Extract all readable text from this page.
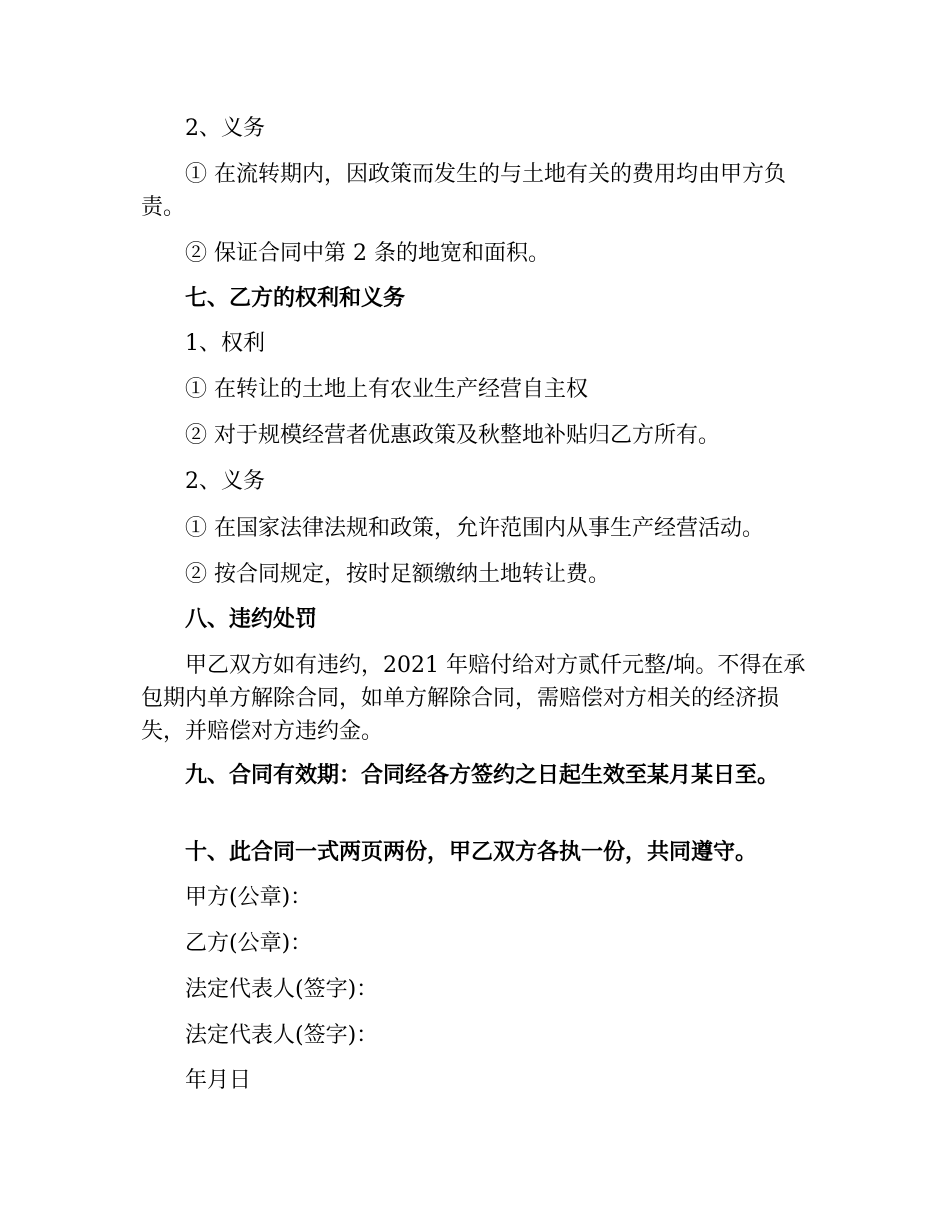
2、义务

① 在流转期内，因政策而发生的与土地有关的费用均由甲方负责。

② 保证合同中第 2 条的地宽和面积。

七、乙方的权利和义务

1、权利

① 在转让的土地上有农业生产经营自主权

② 对于规模经营者优惠政策及秋整地补贴归乙方所有。

2、义务

① 在国家法律法规和政策，允许范围内从事生产经营活动。

② 按合同规定，按时足额缴纳土地转让费。

八、违约处罚

甲乙双方如有违约，2021 年赔付给对方贰仟元整/垧。不得在承包期内单方解除合同，如单方解除合同，需赔偿对方相关的经济损失，并赔偿对方违约金。

九、合同有效期：合同经各方签约之日起生效至某月某日至。

十、此合同一式两页两份，甲乙双方各执一份，共同遵守。

甲方(公章)：

乙方(公章)：

法定代表人(签字)：

法定代表人(签字)：

年月日
